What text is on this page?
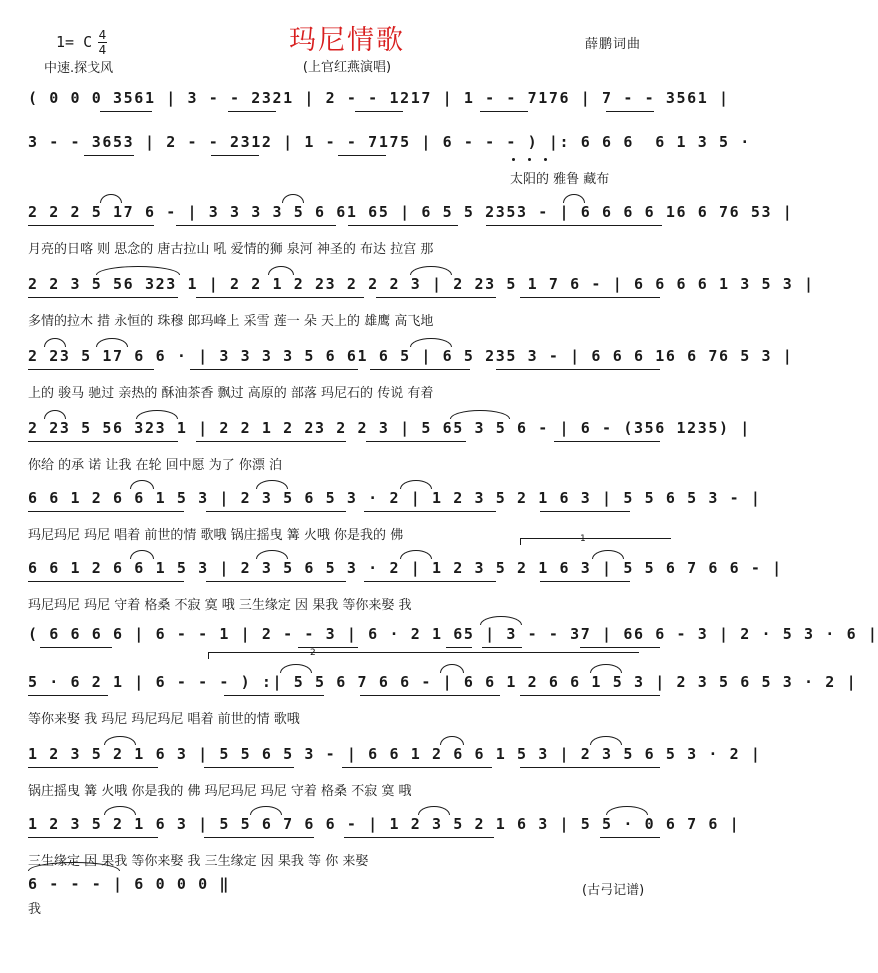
1= C 4
4	玛尼情歌
中速.探戈风	(上官红燕演唱)
薛鹏词曲
( 0 0 0 3561 | 3 - - 2321 | 2 - - 1217 | 1 - - 7176 | 7 - - 3561 |
3 - - 3653 | 2 - - 2312 | 1 - - 7175 | 6 - - - ) |: 6 6 6  6 1 3 5 ·
太阳的 雅鲁 藏布
2 2 2 5 17 6 - | 3 3 3 3 5 6 61 65 | 6 5 5 2353 - | 6 6 6 6 16 6 76 53 |
月亮的日喀 则 思念的 唐古拉山 吼 爱情的狮 泉河 神圣的 布达 拉宫 那
2 2 3 5 56 323 1 | 2 2 1 2 23 2 2 2 3 | 2 23 5 1 7 6 - | 6 6 6 6 1 3 5 3 |
多情的拉木 措 永恒的 珠穆 郎玛峰上 采雪 莲一 朵 天上的 雄鹰 高飞地
2 23 5 17 6 6 · | 3 3 3 3 5 6 61 6 5 | 6 5 235 3 - | 6 6 6 16 6 76 5 3 |
上的 骏马 驰过 亲热的 酥油茶香 飘过 高原的 部落 玛尼石的 传说 有着
2 23 5 56 323 1 | 2 2 1 2 23 2 2 3 | 5 65 3 5 6 - | 6 - (356 1235) |
你给 的承 诺 让我 在轮 回中愿 为了 你漂 泊
6 6 1 2 6 6 1 5 3 | 2 3 5 6 5 3 · 2 | 1 2 3 5 2 1 6 3 | 5 5 6 5 3 - |
玛尼玛尼 玛尼 唱着 前世的情 歌哦 锅庄摇曳 篝 火哦 你是我的 佛	1
6 6 1 2 6 6 1 5 3 | 2 3 5 6 5 3 · 2 | 1 2 3 5 2 1 6 3 | 5 5 6 7 6 6 - |
玛尼玛尼 玛尼 守着 格桑 不寂 寞 哦 三生缘定 因 果我 等你来娶 我
( 6 6 6 6 | 6 - - 1 | 2 - - 3 | 6 · 2 1 65 | 3 - - 37 | 66 6 - 3 | 2 · 5 3 · 6 |
2
5 · 6 2 1 | 6 - - - ) :| 5 5 6 7 6 6 - | 6 6 1 2 6 6 1 5 3 | 2 3 5 6 5 3 · 2 |
等你来娶 我 玛尼 玛尼玛尼 唱着 前世的情 歌哦
1 2 3 5 2 1 6 3 | 5 5 6 5 3 - | 6 6 1 2 6 6 1 5 3 | 2 3 5 6 5 3 · 2 |
锅庄摇曳 篝 火哦 你是我的 佛 玛尼玛尼 玛尼 守着 格桑 不寂 寞 哦
1 2 3 5 2 1 6 3 | 5 5 6 7 6 6 - | 1 2 3 5 2 1 6 3 | 5 5 · 0 6 7 6 |
三生缘定 因 果我 等你来娶 我 三生缘定 因 果我 等 你 来娶
6 - - - | 6 0 0 0 ‖
我
(古弓记谱)
